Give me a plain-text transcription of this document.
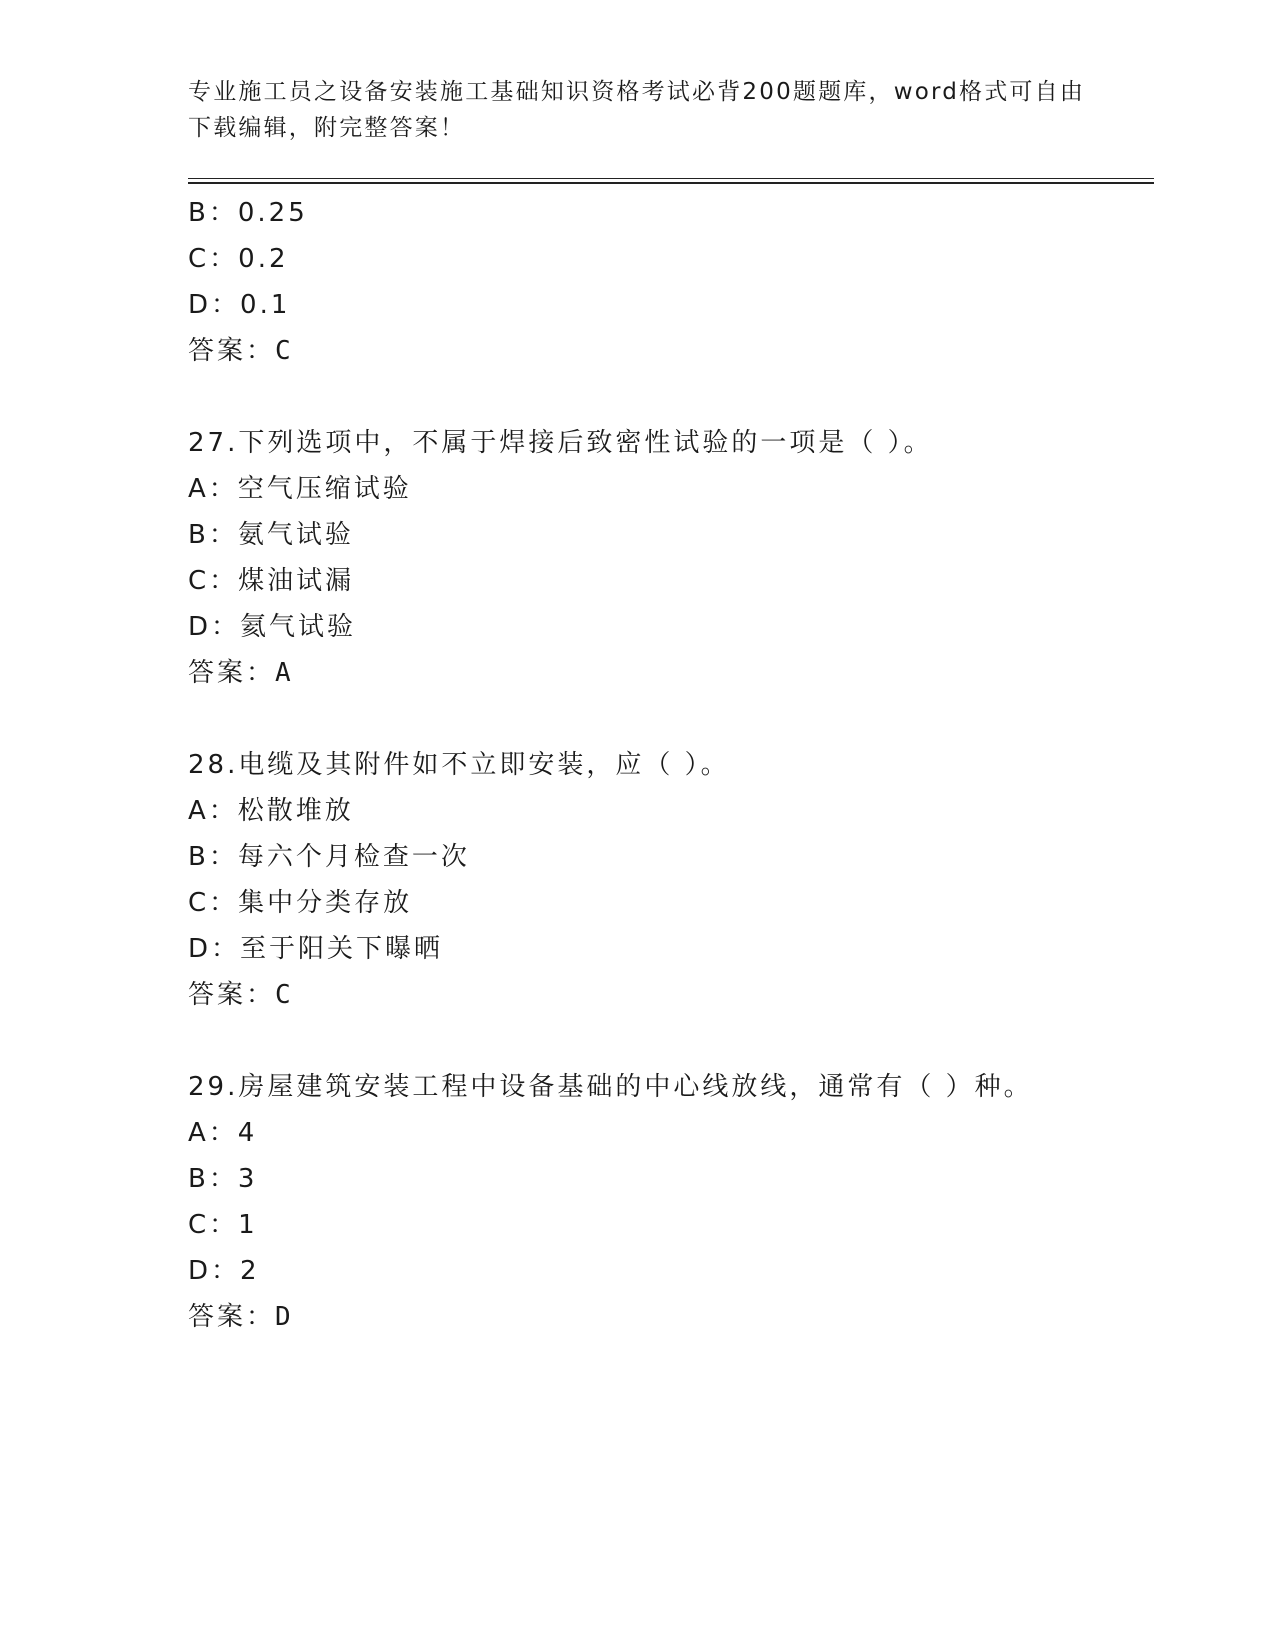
专业施工员之设备安装施工基础知识资格考试必背200题题库，word格式可自由
下载编辑，附完整答案！
B：0.25
C：0.2
D：0.1
答案：C
27.下列选项中，不属于焊接后致密性试验的一项是（ ）。
A：空气压缩试验
B：氨气试验
C：煤油试漏
D：氦气试验
答案：A
28.电缆及其附件如不立即安装，应（ ）。
A：松散堆放
B：每六个月检查一次
C：集中分类存放
D：至于阳关下曝晒
答案：C
29.房屋建筑安装工程中设备基础的中心线放线，通常有（ ）种。
A：4
B：3
C：1
D：2
答案：D
